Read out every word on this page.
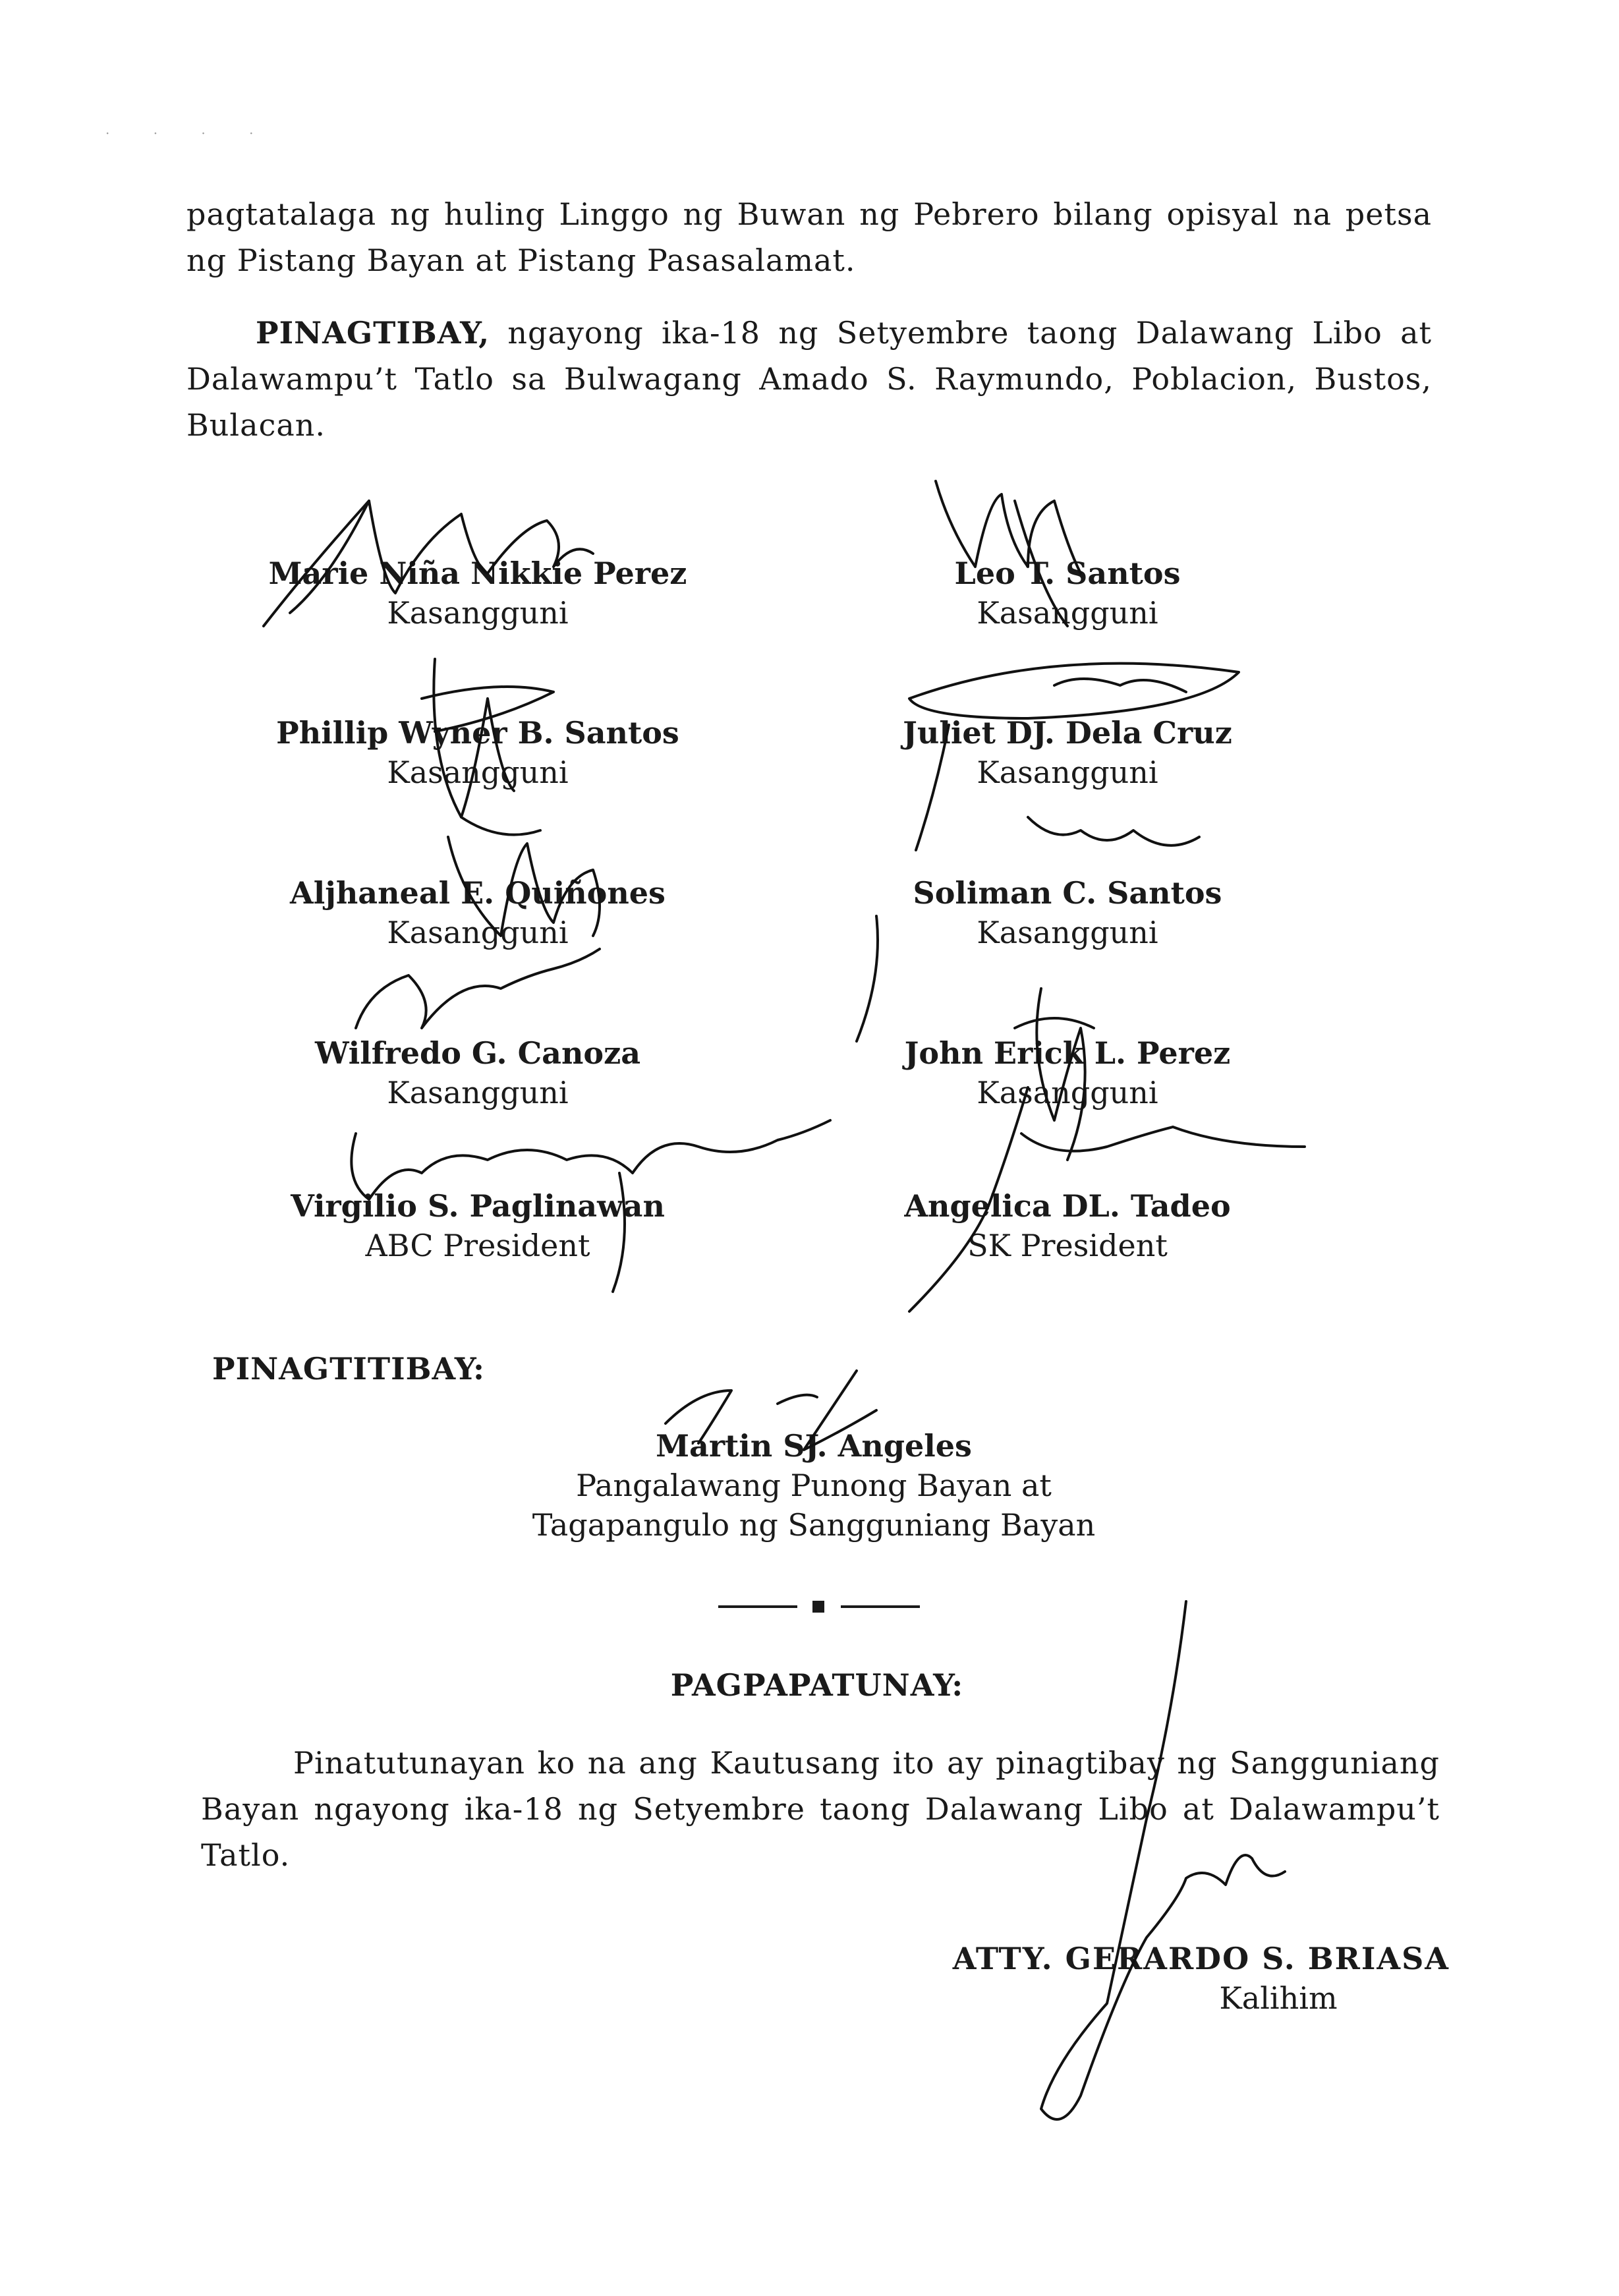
· · · ·

pagtatalaga ng huling Linggo ng Buwan ng Pebrero bilang opisyal na petsa ng Pistang Bayan at Pistang Pasasalamat.

PINAGTIBAY, ngayong ika-18 ng Setyembre taong Dalawang Libo at Dalawampu’t Tatlo sa Bulwagang Amado S. Raymundo, Poblacion, Bustos, Bulacan.

Marie Niña Nikkie Perez
Kasangguni
Phillip Wyner B. Santos
Kasangguni
Aljhaneal E. Quiñones
Kasangguni
Wilfredo G. Canoza
Kasangguni
Virgilio S. Paglinawan
ABC President
Leo T. Santos
Kasangguni
Juliet DJ. Dela Cruz
Kasangguni
Soliman C. Santos
Kasangguni
John Erick L. Perez
Kasangguni
Angelica DL. Tadeo
SK President
PINAGTITIBAY:
Martin SJ. Angeles
Pangalawang Punong Bayan at
Tagapangulo ng Sangguniang Bayan
PAGPAPATUNAY:

Pinatutunayan ko na ang Kautusang ito ay pinagtibay ng Sangguniang Bayan ngayong ika-18 ng Setyembre taong Dalawang Libo at Dalawampu’t Tatlo.

ATTY. GERARDO S. BRIASA
Kalihim
